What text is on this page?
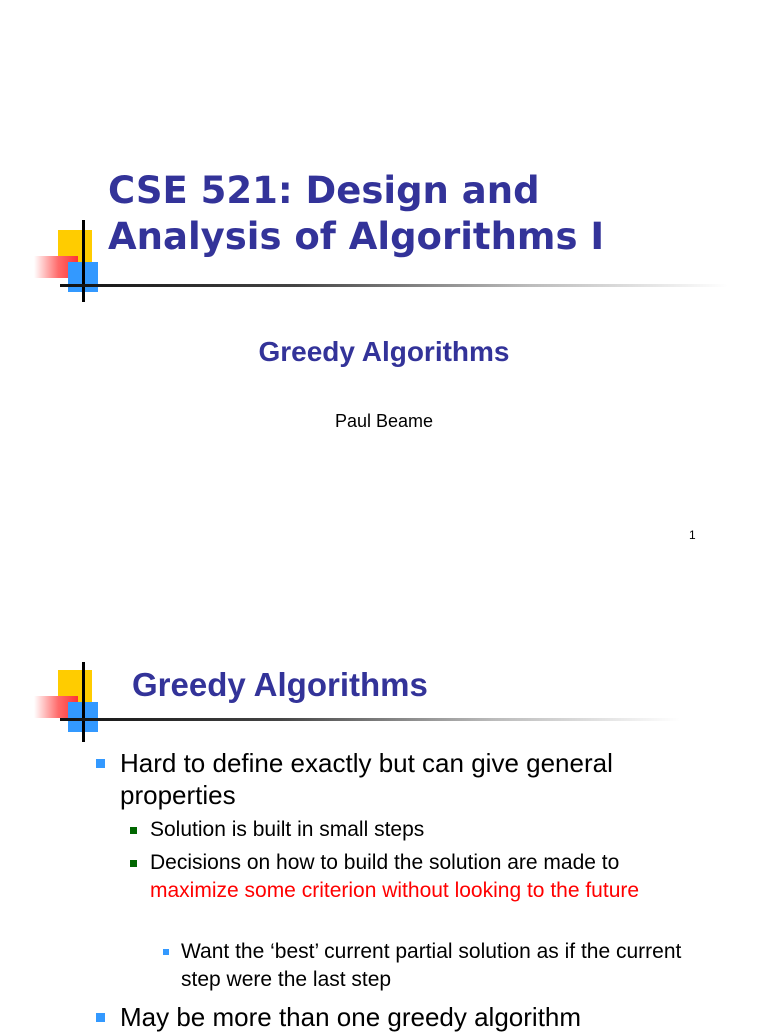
CSE 521: Design and
Analysis of Algorithms I
Greedy Algorithms
Paul Beame
1
Greedy Algorithms
Hard to define exactly but can give general properties
Solution is built in small steps
Decisions on how to build the solution are made to maximize some criterion without looking to the future
Want the ‘best’ current partial solution as if the current step were the last step
May be more than one greedy algorithm
